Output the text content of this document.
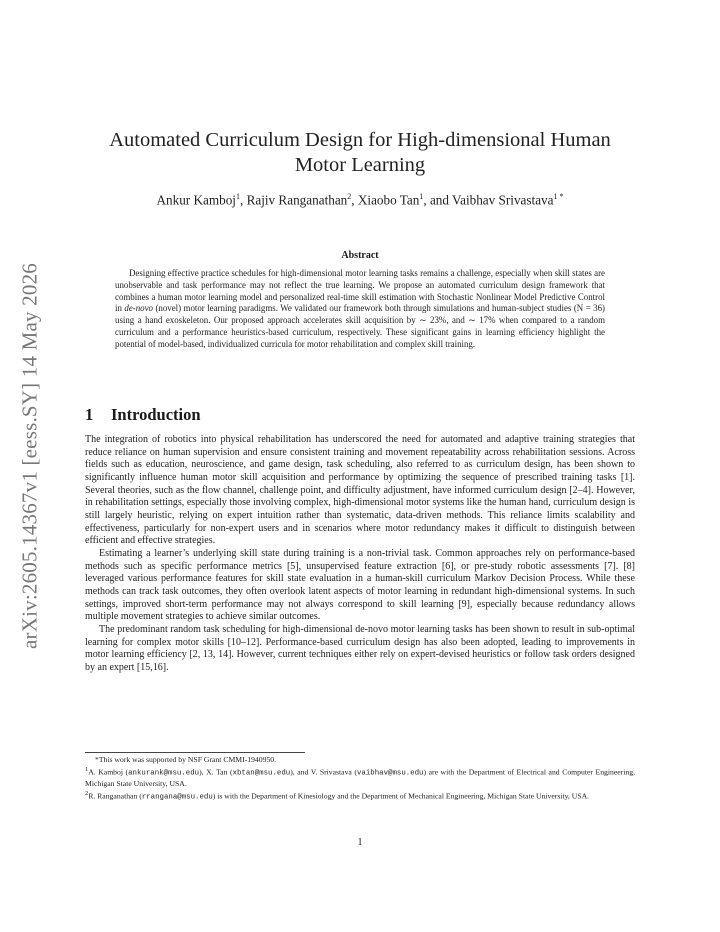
arXiv:2605.14367v1 [eess.SY] 14 May 2026
Automated Curriculum Design for High-dimensional Human Motor Learning
Ankur Kamboj$^1$, Rajiv Ranganathan$^2$, Xiaobo Tan$^1$, and Vaibhav Srivastava$^{1 *}$
Abstract
Designing effective practice schedules for high-dimensional motor learning tasks remains a challenge, especially when skill states are unobservable and task performance may not reflect the true learning. We propose an automated curriculum design framework that combines a human motor learning model and personalized real-time skill estimation with Stochastic Nonlinear Model Predictive Control in de-novo (novel) motor learning paradigms. We validated our framework both through simulations and human-subject studies (N = 36) using a hand exoskeleton. Our proposed approach accelerates skill acquisition by ∼ 23%, and ∼ 17% when compared to a random curriculum and a performance heuristics-based curriculum, respectively. These significant gains in learning efficiency highlight the potential of model-based, individualized curricula for motor rehabilitation and complex skill training.
1 Introduction

The integration of robotics into physical rehabilitation has underscored the need for automated and adaptive training strategies that reduce reliance on human supervision and ensure consistent training and movement repeatability across rehabilitation sessions. Across fields such as education, neuroscience, and game design, task scheduling, also referred to as curriculum design, has been shown to significantly influence human motor skill acquisition and performance by optimizing the sequence of prescribed training tasks [1]. Several theories, such as the flow channel, challenge point, and difficulty adjustment, have informed curriculum design [2–4]. However, in rehabilitation settings, especially those involving complex, high-dimensional motor systems like the human hand, curriculum design is still largely heuristic, relying on expert intuition rather than systematic, data-driven methods. This reliance limits scalability and effectiveness, particularly for non-expert users and in scenarios where motor redundancy makes it difficult to distinguish between efficient and effective strategies.

Estimating a learner’s underlying skill state during training is a non-trivial task. Common approaches rely on performance-based methods such as specific performance metrics [5], unsupervised feature extraction [6], or pre-study robotic assessments [7]. [8] leveraged various performance features for skill state evaluation in a human-skill curriculum Markov Decision Process. While these methods can track task outcomes, they often overlook latent aspects of motor learning in redundant high-dimensional systems. In such settings, improved short-term performance may not always correspond to skill learning [9], especially because redundancy allows multiple movement strategies to achieve similar outcomes.

The predominant random task scheduling for high-dimensional de-novo motor learning tasks has been shown to result in sub-optimal learning for complex motor skills [10–12]. Performance-based curriculum design has also been adopted, leading to improvements in motor learning efficiency [2, 13, 14]. However, current techniques either rely on expert-devised heuristics or follow task orders designed by an expert [15,16].

*This work was supported by NSF Grant CMMI-1940950.

$^1$A. Kamboj (ankurank@msu.edu), X. Tan (xbtan@msu.edu), and V. Srivastava (vaibhav@msu.edu) are with the Department of Electrical and Computer Engineering, Michigan State University, USA.

$^2$R. Ranganathan (rrangana@msu.edu) is with the Department of Kinesiology and the Department of Mechanical Engineering, Michigan State University, USA.

1
